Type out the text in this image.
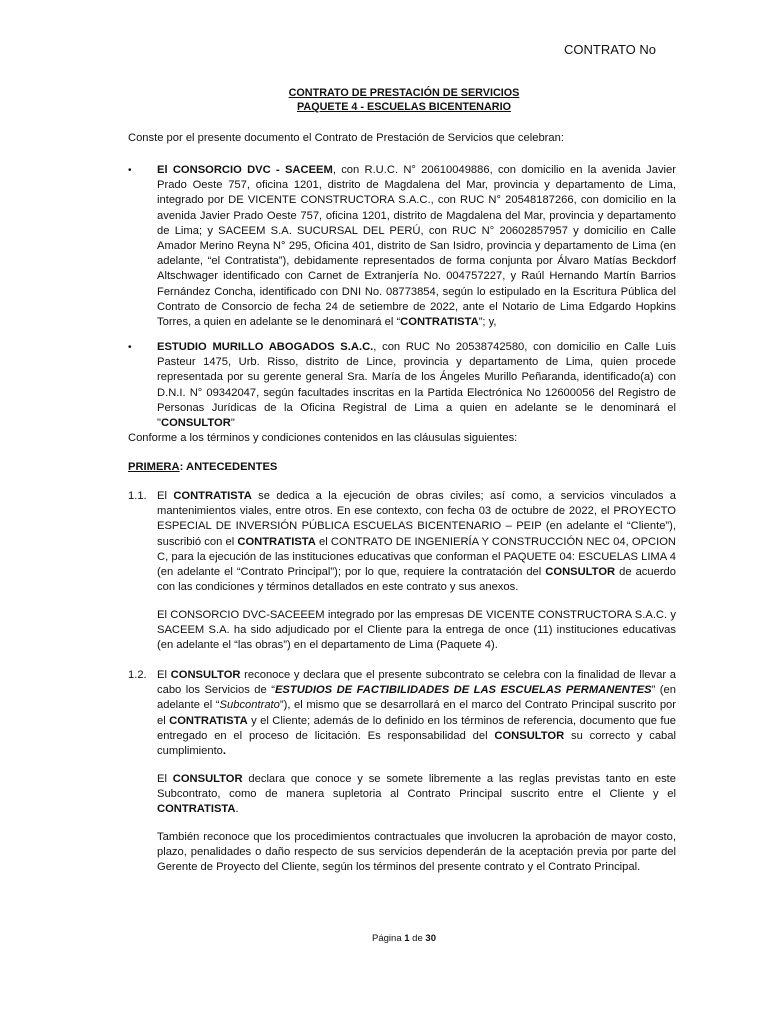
CONTRATO No
CONTRATO DE PRESTACIÓN DE SERVICIOS
PAQUETE 4 - ESCUELAS BICENTENARIO
Conste por el presente documento el Contrato de Prestación de Servicios que celebran:
• El CONSORCIO DVC - SACEEM, con R.U.C. N° 20610049886, con domicilio en la avenida Javier Prado Oeste 757, oficina 1201, distrito de Magdalena del Mar, provincia y departamento de Lima, integrado por DE VICENTE CONSTRUCTORA S.A.C., con RUC N° 20548187266, con domicilio en la avenida Javier Prado Oeste 757, oficina 1201, distrito de Magdalena del Mar, provincia y departamento de Lima; y SACEEM S.A. SUCURSAL DEL PERÚ, con RUC N° 20602857957 y domicilio en Calle Amador Merino Reyna N° 295, Oficina 401, distrito de San Isidro, provincia y departamento de Lima (en adelante, “el Contratista”), debidamente representados de forma conjunta por Álvaro Matías Beckdorf Altschwager identificado con Carnet de Extranjería No. 004757227, y Raúl Hernando Martín Barrios Fernández Concha, identificado con DNI No. 08773854, según lo estipulado en la Escritura Pública del Contrato de Consorcio de fecha 24 de setiembre de 2022, ante el Notario de Lima Edgardo Hopkins Torres, a quien en adelante se le denominará el “CONTRATISTA”; y,
• ESTUDIO MURILLO ABOGADOS S.A.C., con RUC No 20538742580, con domicilio en Calle Luis Pasteur 1475, Urb. Risso, distrito de Lince, provincia y departamento de Lima, quien procede representada por su gerente general Sra. María de los Ángeles Murillo Peñaranda, identificado(a) con D.N.I. N° 09342047, según facultades inscritas en la Partida Electrónica No 12600056 del Registro de Personas Jurídicas de la Oficina Registral de Lima a quien en adelante se le denominará el "CONSULTOR"
Conforme a los términos y condiciones contenidos en las cláusulas siguientes:
PRIMERA: ANTECEDENTES
1.1. El CONTRATISTA se dedica a la ejecución de obras civiles; así como, a servicios vinculados a mantenimientos viales, entre otros. En ese contexto, con fecha 03 de octubre de 2022, el PROYECTO ESPECIAL DE INVERSIÓN PÚBLICA ESCUELAS BICENTENARIO – PEIP (en adelante el “Cliente”), suscribió con el CONTRATISTA el CONTRATO DE INGENIERÍA Y CONSTRUCCIÓN NEC 04, OPCION C, para la ejecución de las instituciones educativas que conforman el PAQUETE 04: ESCUELAS LIMA 4 (en adelante el “Contrato Principal”); por lo que, requiere la contratación del CONSULTOR de acuerdo con las condiciones y términos detallados en este contrato y sus anexos.
El CONSORCIO DVC-SACEEEM integrado por las empresas DE VICENTE CONSTRUCTORA S.A.C. y SACEEM S.A. ha sido adjudicado por el Cliente para la entrega de once (11) instituciones educativas (en adelante el “las obras”) en el departamento de Lima (Paquete 4).
1.2. El CONSULTOR reconoce y declara que el presente subcontrato se celebra con la finalidad de llevar a cabo los Servicios de “ESTUDIOS DE FACTIBILIDADES DE LAS ESCUELAS PERMANENTES” (en adelante el “Subcontrato”), el mismo que se desarrollará en el marco del Contrato Principal suscrito por el CONTRATISTA y el Cliente; además de lo definido en los términos de referencia, documento que fue entregado en el proceso de licitación. Es responsabilidad del CONSULTOR su correcto y cabal cumplimiento.
El CONSULTOR declara que conoce y se somete libremente a las reglas previstas tanto en este Subcontrato, como de manera supletoria al Contrato Principal suscrito entre el Cliente y el CONTRATISTA.
También reconoce que los procedimientos contractuales que involucren la aprobación de mayor costo, plazo, penalidades o daño respecto de sus servicios dependerán de la aceptación previa por parte del Gerente de Proyecto del Cliente, según los términos del presente contrato y el Contrato Principal.
Página 1 de 30
